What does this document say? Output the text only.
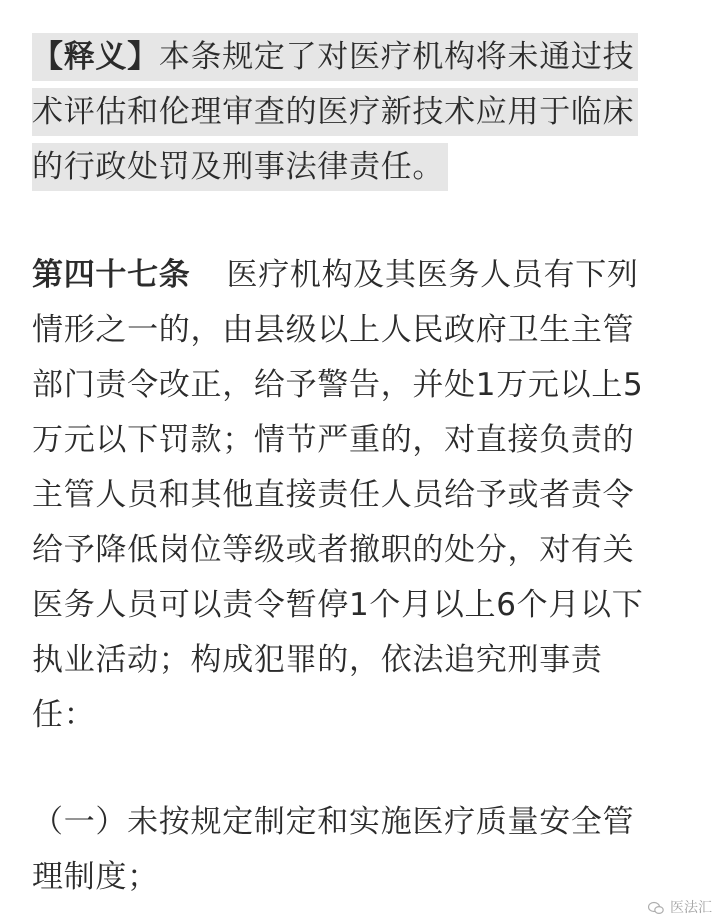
【释义】本条规定了对医疗机构将未通过技
术评估和伦理审查的医疗新技术应用于临床
的行政处罚及刑事法律责任。
第四十七条 医疗机构及其医务人员有下列
情形之一的，由县级以上人民政府卫生主管
部门责令改正，给予警告，并处1万元以上5
万元以下罚款；情节严重的，对直接负责的
主管人员和其他直接责任人员给予或者责令
给予降低岗位等级或者撤职的处分，对有关
医务人员可以责令暂停1个月以上6个月以下
执业活动；构成犯罪的，依法追究刑事责
任：
（一）未按规定制定和实施医疗质量安全管
理制度；
医法汇
